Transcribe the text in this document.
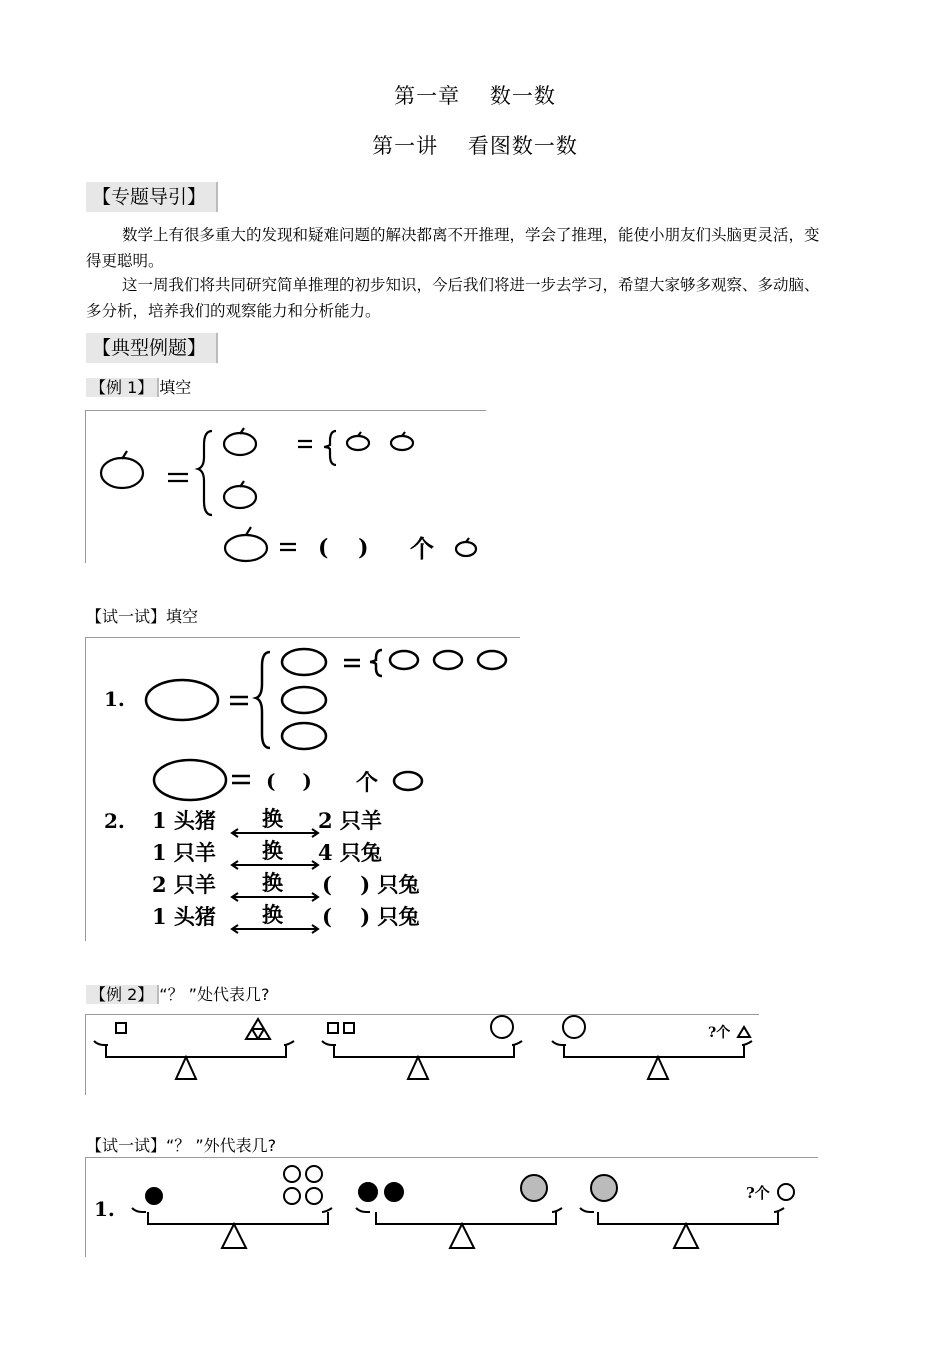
第一章　 数一数
第一讲　 看图数一数
【专题导引】
数学上有很多重大的发现和疑难问题的解决都离不开推理，学会了推理，能使小朋友们头脑更灵活，变得更聪明。
这一周我们将共同研究简单推理的初步知识，今后我们将进一步去学习，希望大家够多观察、多动脑、多分析，培养我们的观察能力和分析能力。
【典型例题】
【例 1】 填空
(　 ) 个
【试一试】填空
1.
(　 ) 个
2. 1 头猪 换 2 只羊
1 只羊 换 4 只兔
2 只羊 换 (　 ) 只兔
1 头猪 换 (　 ) 只兔
【例 2】 “？ ”处代表几?
?个
【试一试】“？ ”外代表几?
1.
?个
